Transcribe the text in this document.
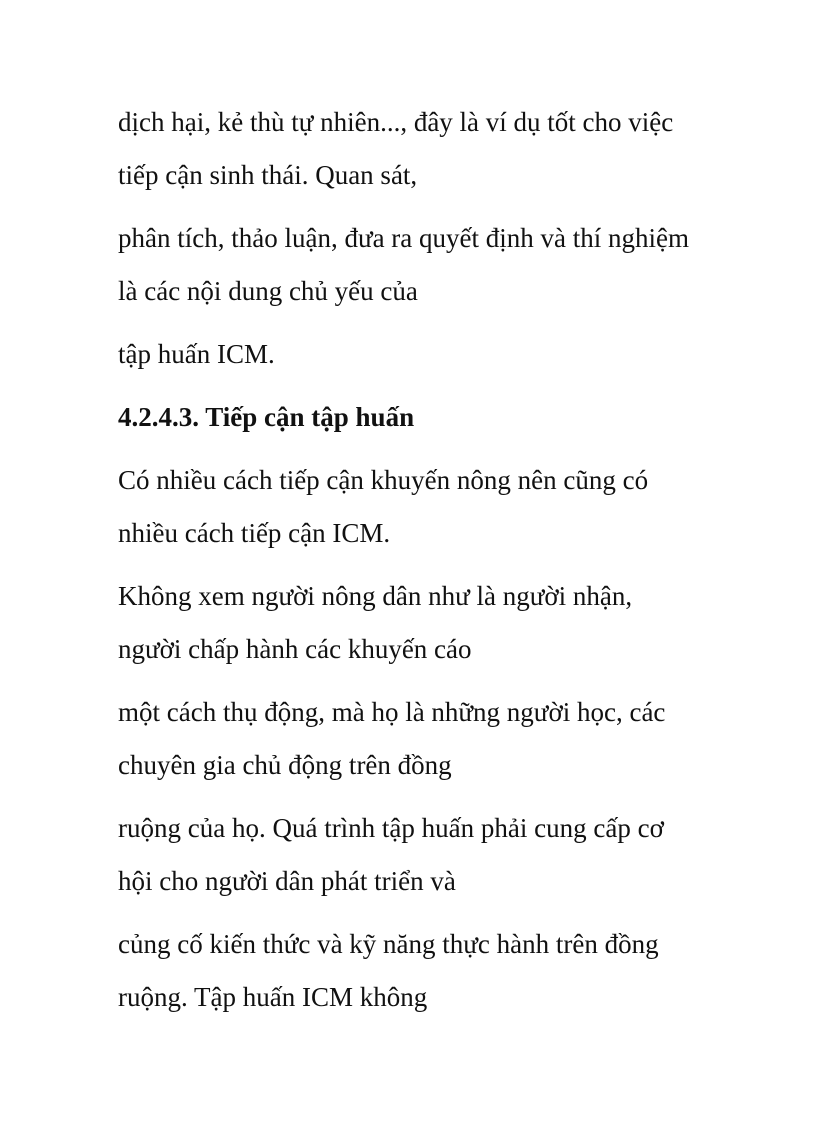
dịch hại, kẻ thù tự nhiên..., đây là ví dụ tốt cho việc
tiếp cận sinh thái. Quan sát,

phân tích, thảo luận, đưa ra quyết định và thí nghiệm
là các nội dung chủ yếu của

tập huấn ICM.

4.2.4.3. Tiếp cận tập huấn

Có nhiều cách tiếp cận khuyến nông nên cũng có
nhiều cách tiếp cận ICM.

Không xem người nông dân như là người nhận,
người chấp hành các khuyến cáo

một cách thụ động, mà họ là những người học, các
chuyên gia chủ động trên đồng

ruộng của họ. Quá trình tập huấn phải cung cấp cơ
hội cho người dân phát triển và

củng cố kiến thức và kỹ năng thực hành trên đồng
ruộng. Tập huấn ICM không
